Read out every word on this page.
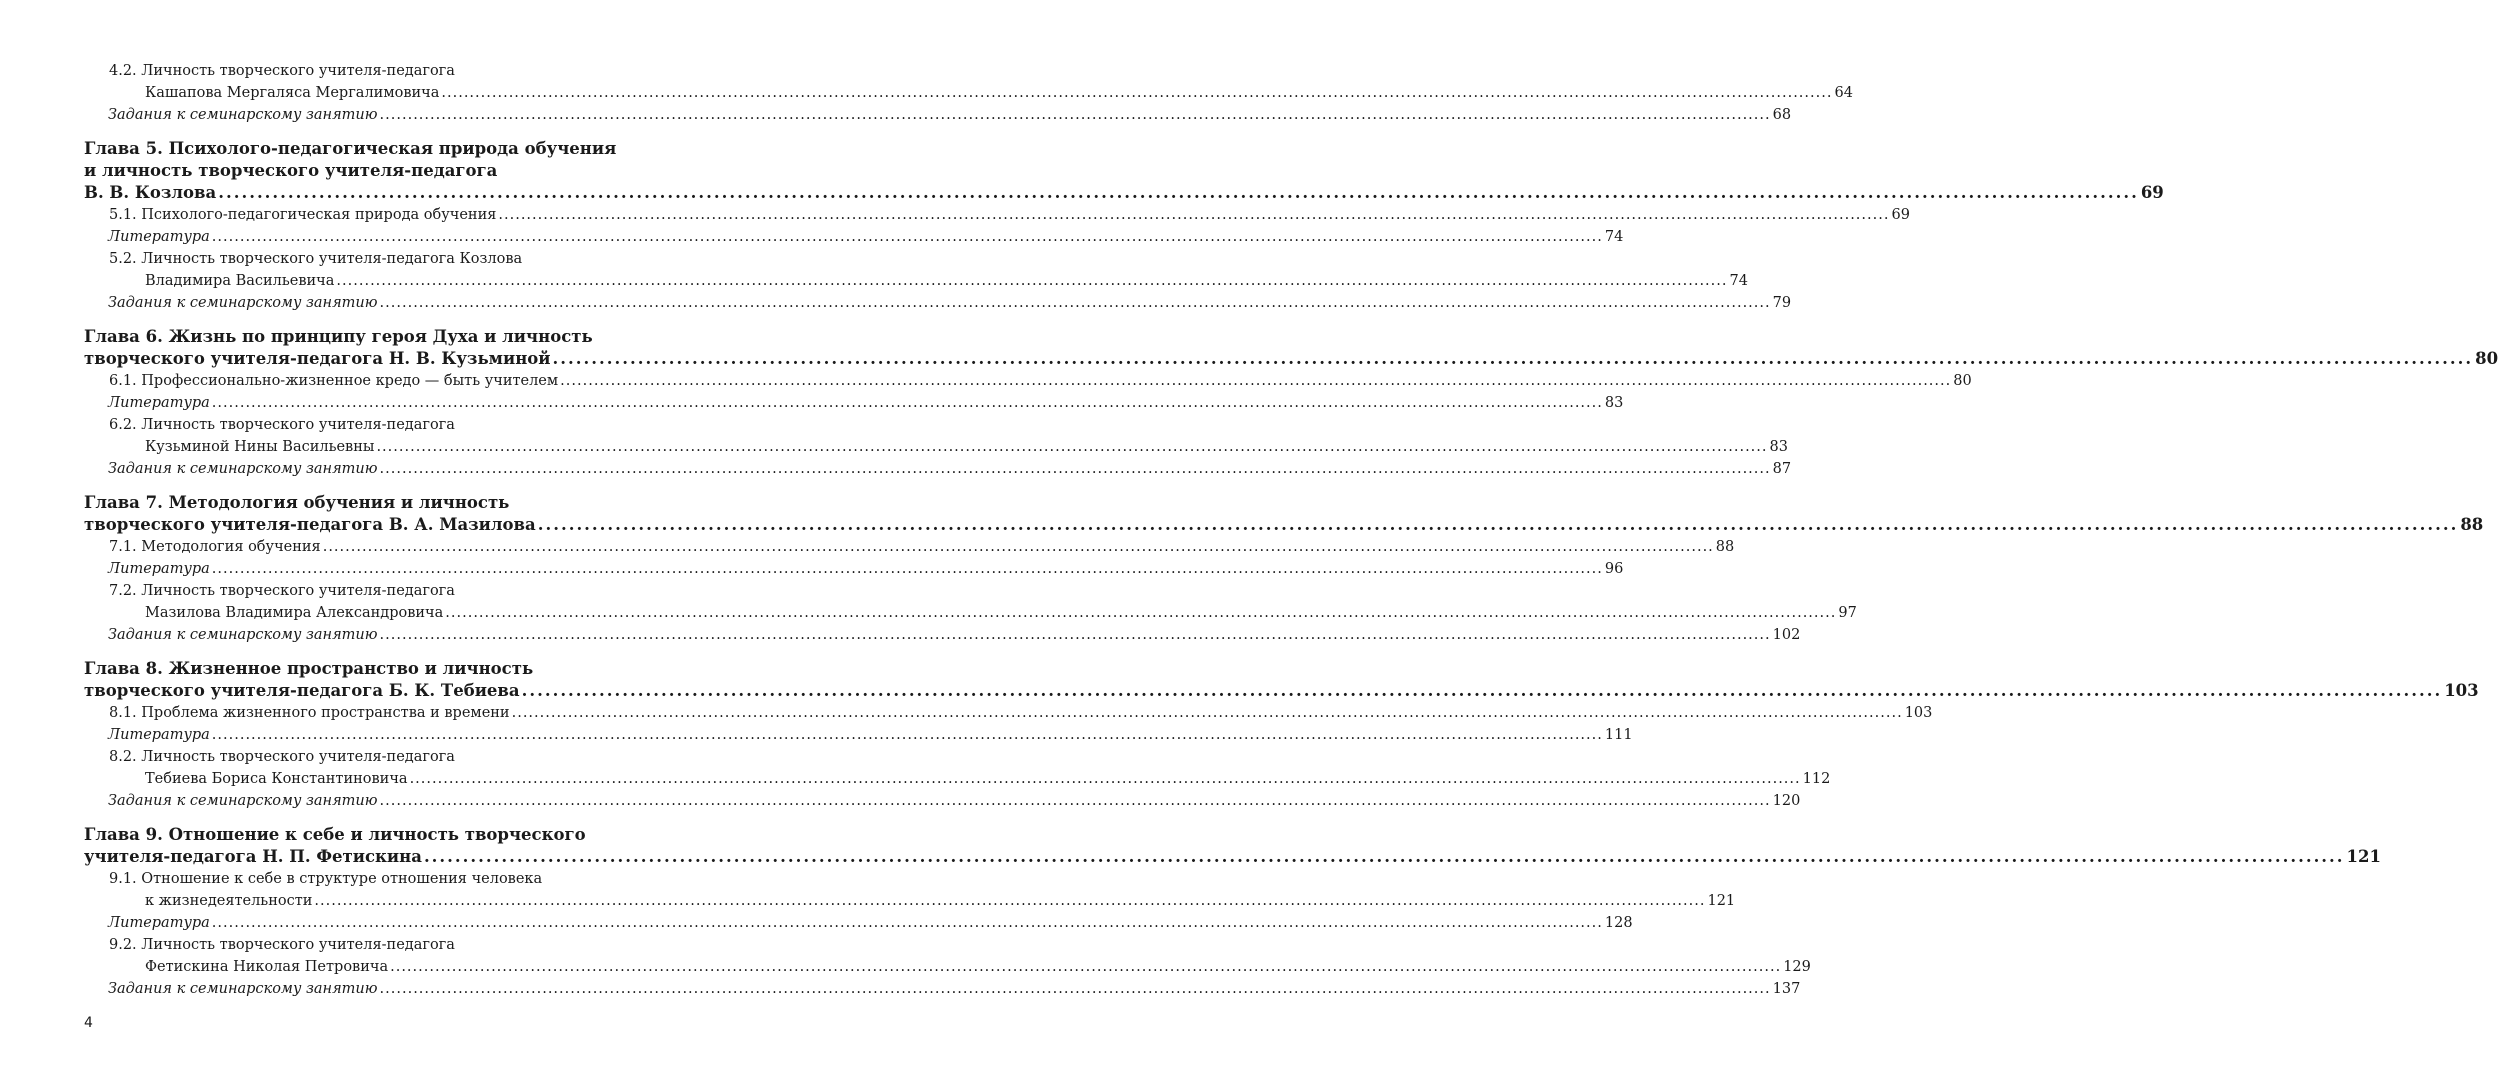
4.2. Личность творческого учителя-педагога
Кашапова Мергаляса Мергалимовича .....	64
Задания к семинарскому занятию .....	68
Глава 5. Психолого-педагогическая природа обучения
и личность творческого учителя-педагога
В. В. Козлова .....	69
5.1. Психолого-педагогическая природа обучения .....	69
Литература .....	74
5.2. Личность творческого учителя-педагога Козлова
Владимира Васильевича .....	74
Задания к семинарскому занятию .....	79
Глава 6. Жизнь по принципу героя Духа и личность
творческого учителя-педагога Н. В. Кузьминой .....	80
6.1. Профессионально-жизненное кредо — быть учителем .....	80
Литература .....	83
6.2. Личность творческого учителя-педагога
Кузьминой Нины Васильевны .....	83
Задания к семинарскому занятию .....	87
Глава 7. Методология обучения и личность
творческого учителя-педагога В. А. Мазилова .....	88
7.1. Методология обучения .....	88
Литература .....	96
7.2. Личность творческого учителя-педагога
Мазилова Владимира Александровича .....	97
Задания к семинарскому занятию .....	102
Глава 8. Жизненное пространство и личность
творческого учителя-педагога Б. К. Тебиева .....	103
8.1. Проблема жизненного пространства и времени .....	103
Литература .....	111
8.2. Личность творческого учителя-педагога
Тебиева Бориса Константиновича .....	112
Задания к семинарскому занятию .....	120
Глава 9. Отношение к себе и личность творческого
учителя-педагога Н. П. Фетискина .....	121
9.1. Отношение к себе в структуре отношения человека
к жизнедеятельности .....	121
Литература .....	128
9.2. Личность творческого учителя-педагога
Фетискина Николая Петровича .....	129
Задания к семинарскому занятию .....	137
4
